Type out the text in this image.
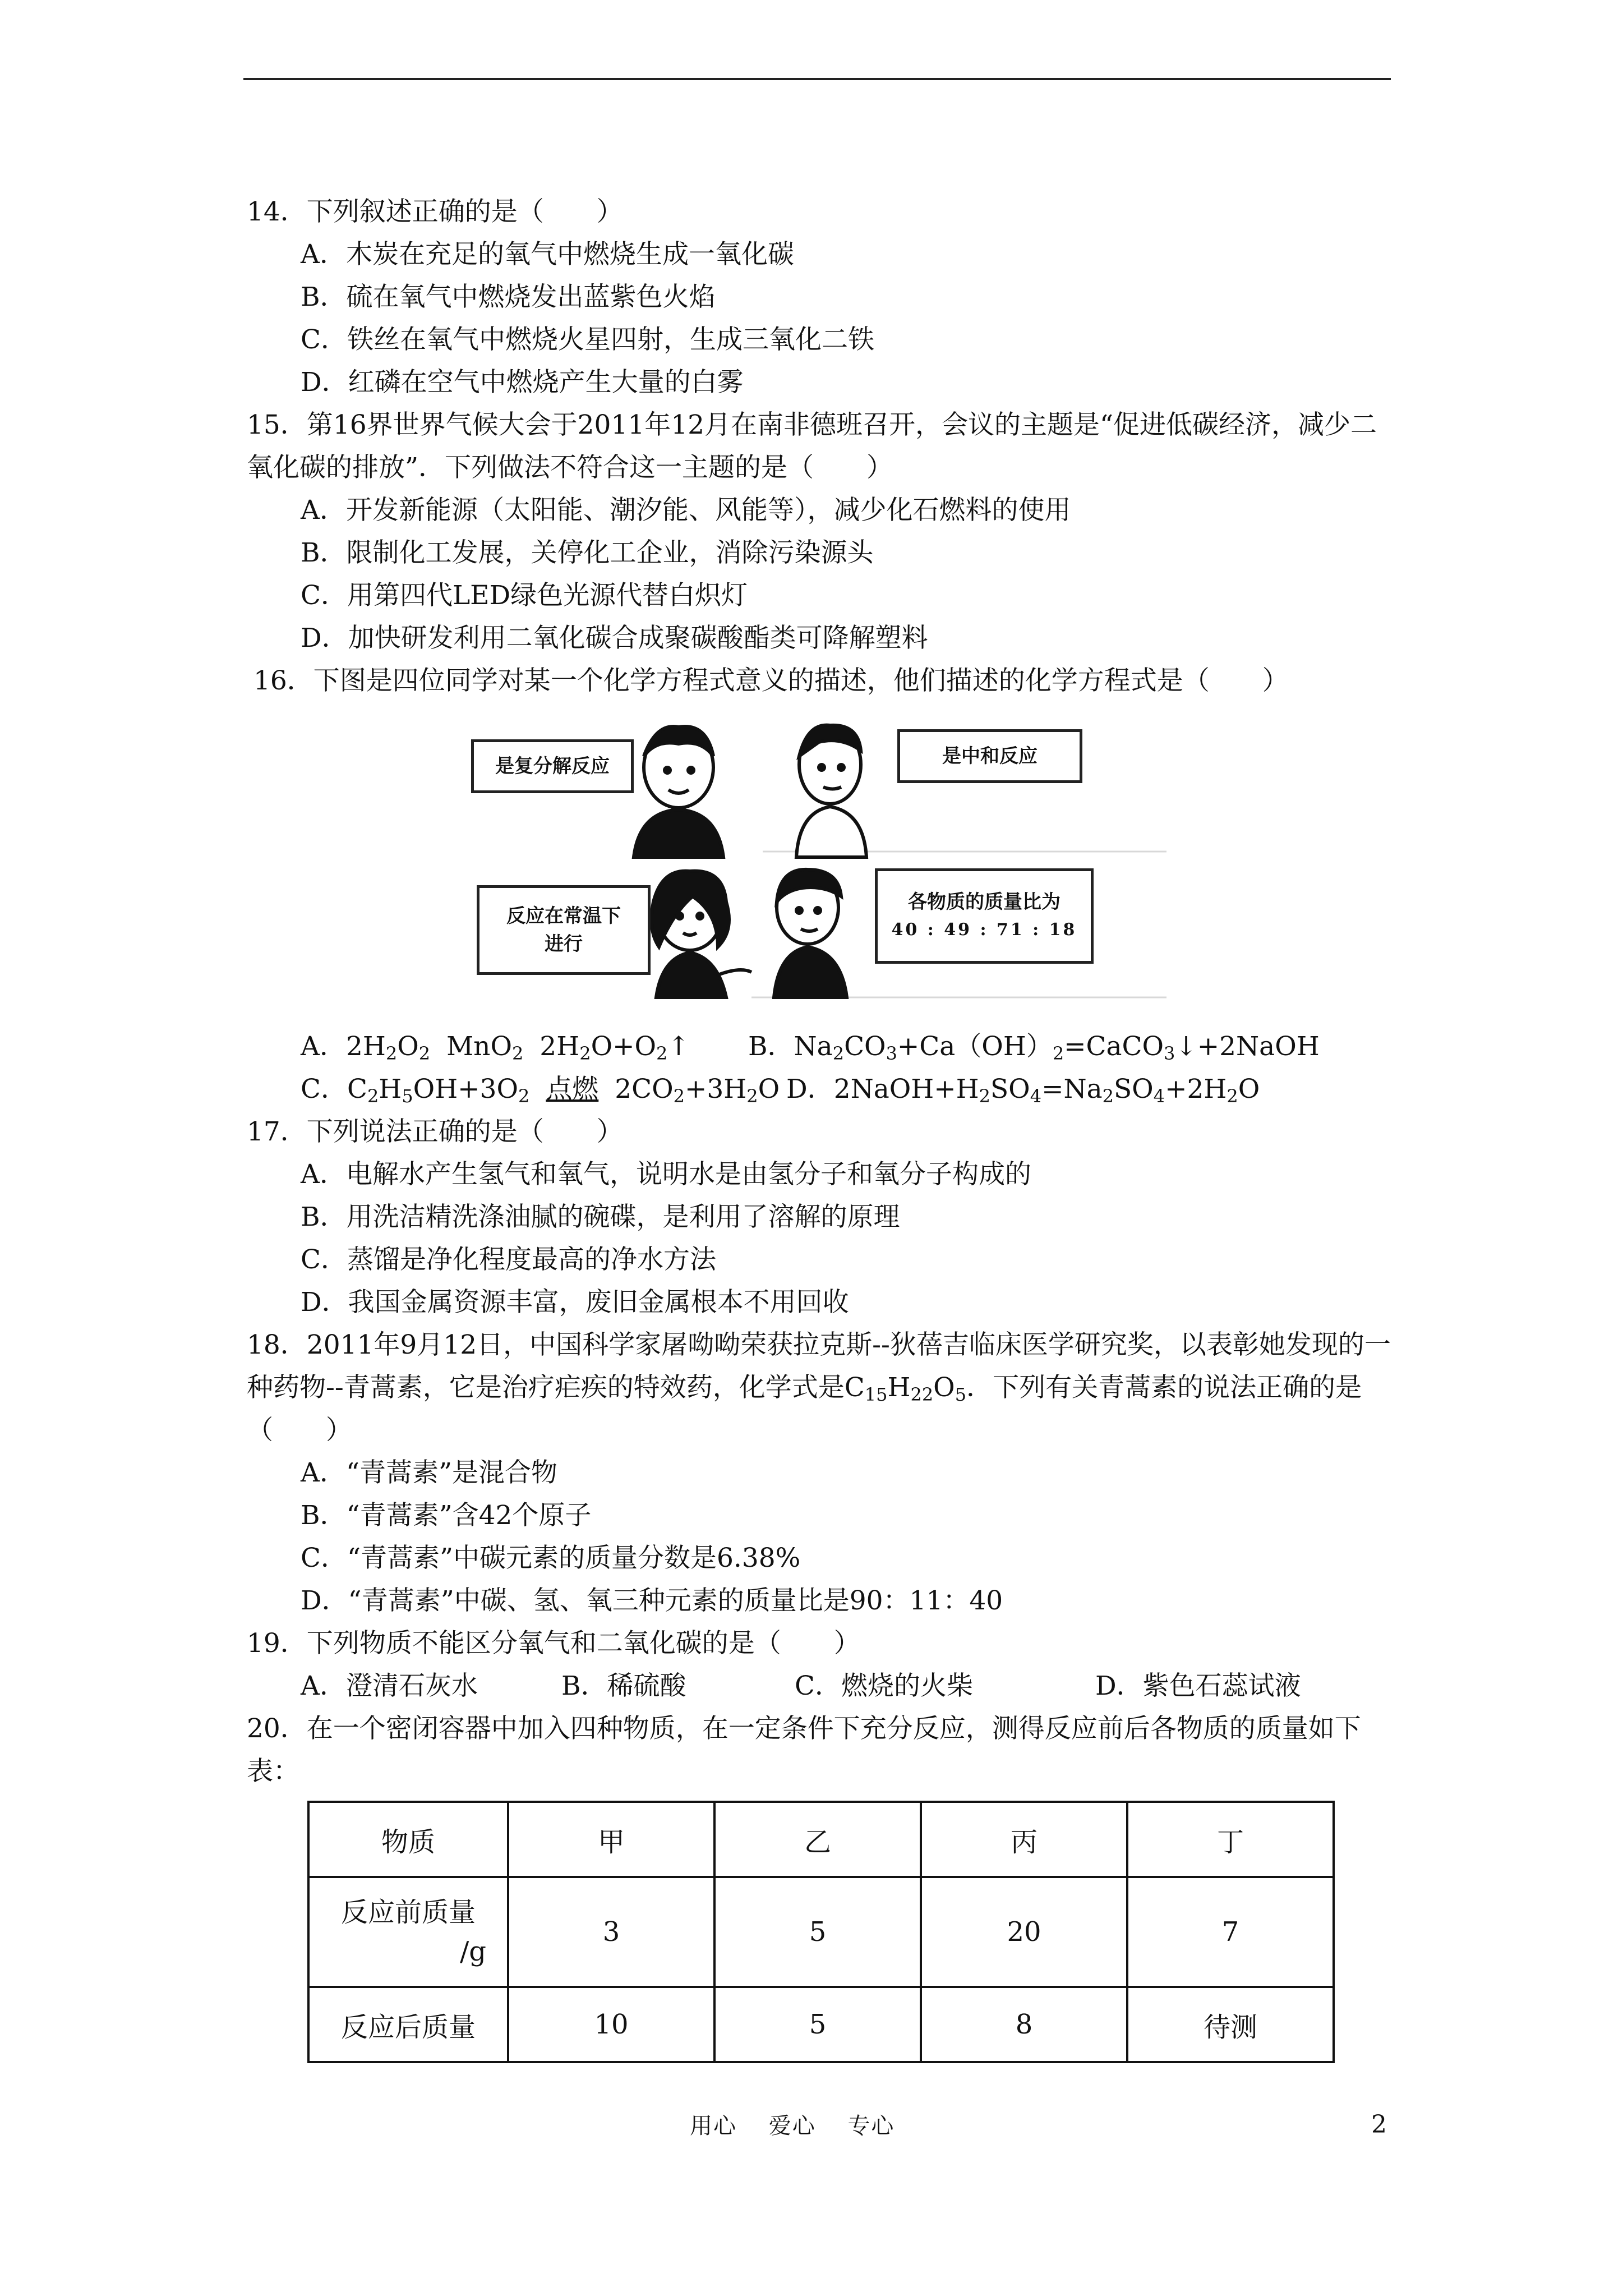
14．下列叙述正确的是（　　）
A．木炭在充足的氧气中燃烧生成一氧化碳
B．硫在氧气中燃烧发出蓝紫色火焰
C．铁丝在氧气中燃烧火星四射，生成三氧化二铁
D．红磷在空气中燃烧产生大量的白雾
15．第16界世界气候大会于2011年12月在南非德班召开，会议的主题是“促进低碳经济，减少二氧化碳的排放”．下列做法不符合这一主题的是（　　）
A．开发新能源（太阳能、潮汐能、风能等），减少化石燃料的使用
B．限制化工发展，关停化工企业，消除污染源头
C．用第四代LED绿色光源代替白炽灯
D．加快研发利用二氧化碳合成聚碳酸酯类可降解塑料
16．下图是四位同学对某一个化学方程式意义的描述，他们描述的化学方程式是（　　）
是复分解反应	是中和反应
反应在常温下进行
各物质的质量比为
40 : 49 : 71 : 18
A．$2H_2O_2$ MnO$_2$ $2H_2O+O_2↑$	B．$Na_2CO_3+Ca(OH)_2=CaCO_3↓+2NaOH$
C．$C_2H_5OH+3O_2$ 点燃 $2CO_2+3H_2O$ D．$2NaOH+H_2SO_4=Na_2SO_4+2H_2O$
17．下列说法正确的是（　　）
A．电解水产生氢气和氧气，说明水是由氢分子和氧分子构成的
B．用洗洁精洗涤油腻的碗碟，是利用了溶解的原理
C．蒸馏是净化程度最高的净水方法
D．我国金属资源丰富，废旧金属根本不用回收
18．2011年9月12日，中国科学家屠呦呦荣获拉克斯--狄蓓吉临床医学研究奖，以表彰她发现的一种药物--青蒿素，它是治疗疟疾的特效药，化学式是$C_{15}H_{22}O_5$．下列有关青蒿素的说法正确的是（　　）
A．“青蒿素”是混合物
B．“青蒿素”含42个原子
C．“青蒿素”中碳元素的质量分数是6.38%
D．“青蒿素”中碳、氢、氧三种元素的质量比是90：11：40
19．下列物质不能区分氧气和二氧化碳的是（　　）
A．澄清石灰水	B．稀硫酸	C．燃烧的火柴	D．紫色石蕊试液
20．在一个密闭容器中加入四种物质，在一定条件下充分反应，测得反应前后各物质的质量如下表：
物质	甲	乙	丙	丁
反应前质量
/g	3	5	20	7
反应后质量	10	5	8	待测
用心 爱心 专心	2
